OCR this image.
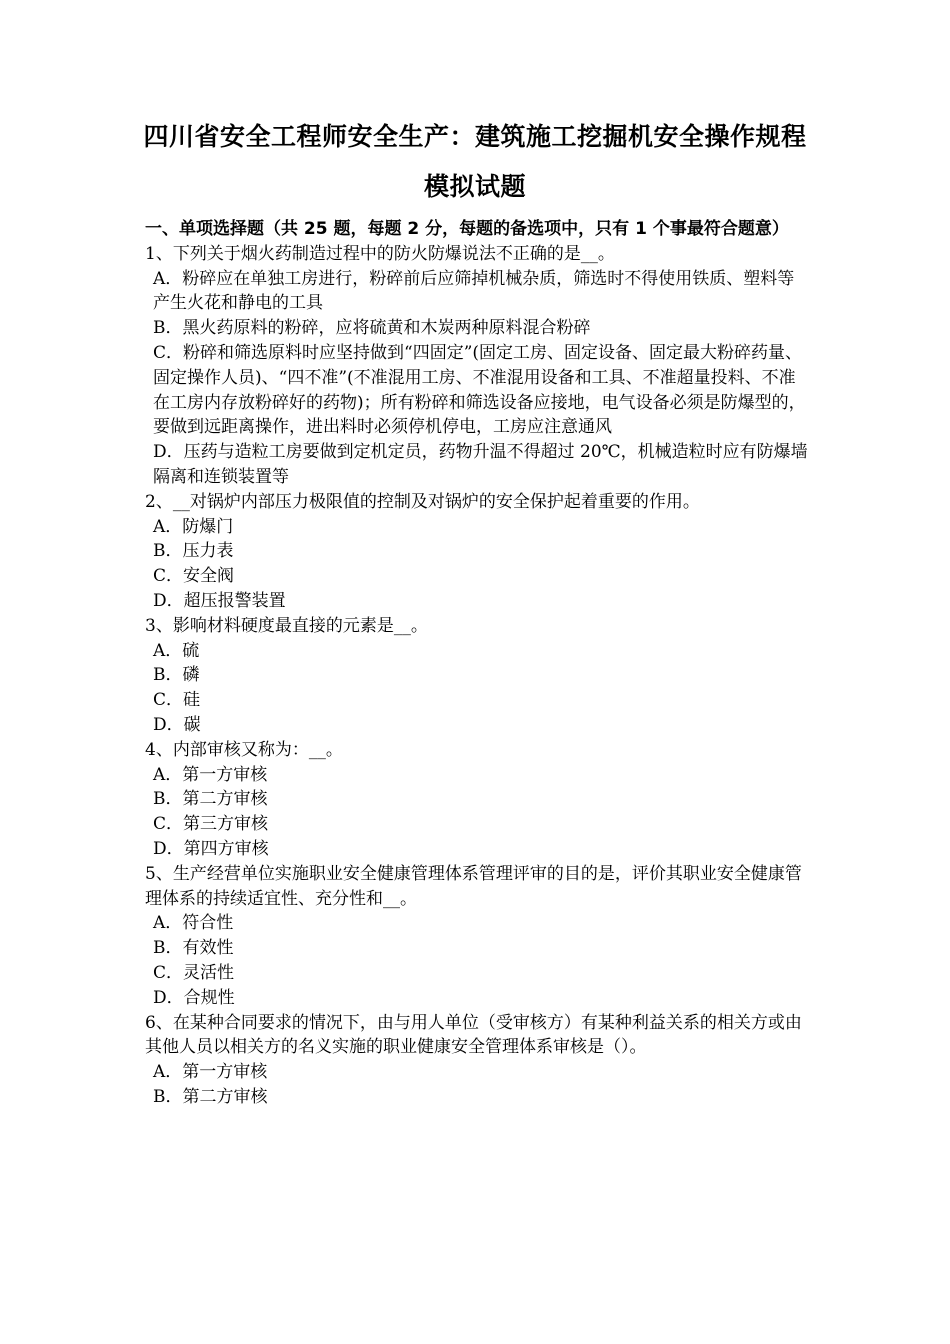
四川省安全工程师安全生产：建筑施工挖掘机安全操作规程
模拟试题
一、单项选择题（共 25 题，每题 2 分，每题的备选项中，只有 1 个事最符合题意）
1、下列关于烟火药制造过程中的防火防爆说法不正确的是__。
A．粉碎应在单独工房进行，粉碎前后应筛掉机械杂质，筛选时不得使用铁质、塑料等产生火花和静电的工具
B．黑火药原料的粉碎，应将硫黄和木炭两种原料混合粉碎
C．粉碎和筛选原料时应坚持做到“四固定”(固定工房、固定设备、固定最大粉碎药量、固定操作人员)、“四不准”(不准混用工房、不准混用设备和工具、不准超量投料、不准在工房内存放粉碎好的药物)；所有粉碎和筛选设备应接地，电气设备必须是防爆型的，要做到远距离操作，进出料时必须停机停电，工房应注意通风
D．压药与造粒工房要做到定机定员，药物升温不得超过 20℃，机械造粒时应有防爆墙隔离和连锁装置等
2、__对锅炉内部压力极限值的控制及对锅炉的安全保护起着重要的作用。
A．防爆门
B．压力表
C．安全阀
D．超压报警装置
3、影响材料硬度最直接的元素是__。
A．硫
B．磷
C．硅
D．碳
4、内部审核又称为：__。
A．第一方审核
B．第二方审核
C．第三方审核
D．第四方审核
5、生产经营单位实施职业安全健康管理体系管理评审的目的是，评价其职业安全健康管理体系的持续适宜性、充分性和__。
A．符合性
B．有效性
C．灵活性
D．合规性
6、在某种合同要求的情况下，由与用人单位（受审核方）有某种利益关系的相关方或由其他人员以相关方的名义实施的职业健康安全管理体系审核是（）。
A．第一方审核
B．第二方审核
